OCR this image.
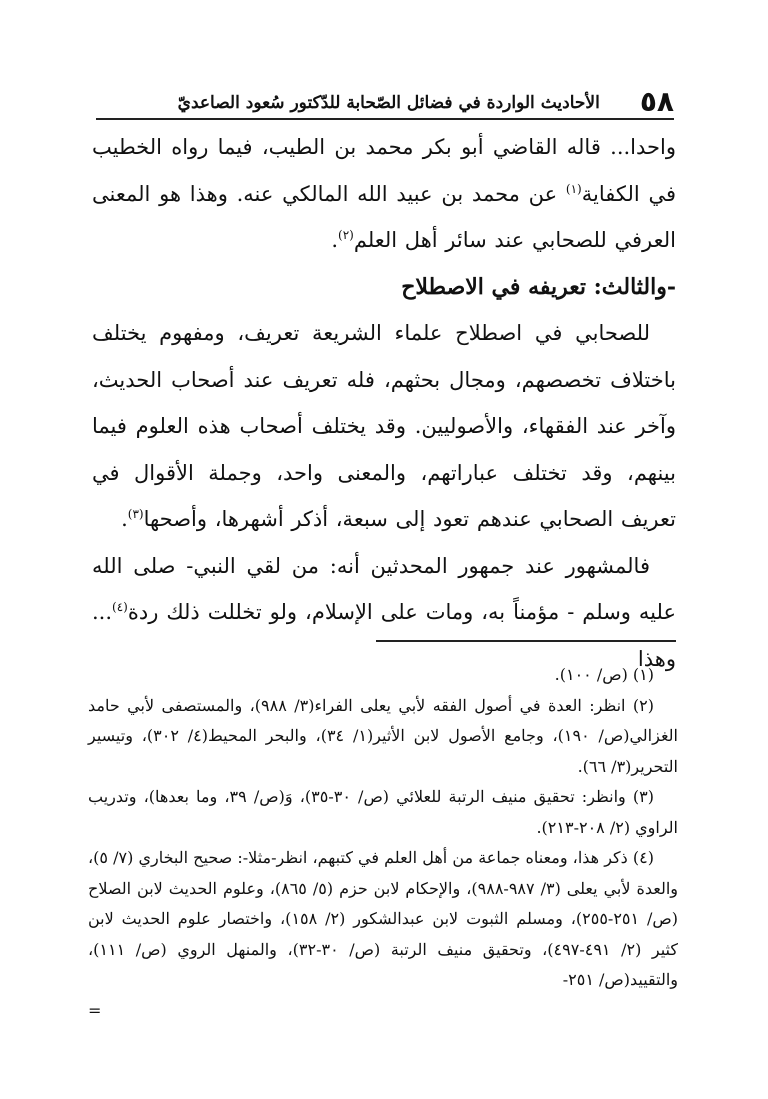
٥٨
الأحاديث الواردة في فضائل الصّحابة للدّكتور سُعود الصاعديّ

واحدا... قاله القاضي أبو بكر محمد بن الطيب، فيما رواه الخطيب في الكفاية$^{(١)}$ عن محمد بن عبيد الله المالكي عنه. وهذا هو المعنى العرفي للصحابي عند سائر أهل العلم$^{(٢)}$.

-والثالث: تعريفه في الاصطلاح

للصحابي في اصطلاح علماء الشريعة تعريف، ومفهوم يختلف باختلاف تخصصهم، ومجال بحثهم، فله تعريف عند أصحاب الحديث، وآخر عند الفقهاء، والأصوليين. وقد يختلف أصحاب هذه العلوم فيما بينهم، وقد تختلف عباراتهم، والمعنى واحد، وجملة الأقوال في تعريف الصحابي عندهم تعود إلى سبعة، أذكر أشهرها، وأصحها$^{(٣)}$.

فالمشهور عند جمهور المحدثين أنه: من لقي النبي- صلى الله عليه وسلم - مؤمناً به، ومات على الإسلام، ولو تخللت ذلك ردة$^{(٤)}$... وهذا

(١) (ص/ ١٠٠).

(٢) انظر: العدة في أصول الفقه لأبي يعلى الفراء(٣/ ٩٨٨)، والمستصفى لأبي حامد الغزالي(ص/ ١٩٠)، وجامع الأصول لابن الأثير(١/ ٣٤)، والبحر المحيط(٤/ ٣٠٢)، وتيسير التحرير(٣/ ٦٦).

(٣) وانظر: تحقيق منيف الرتبة للعلائي (ص/ ٣٠-٣٥)، وَ(ص/ ٣٩، وما بعدها)، وتدريب الراوي (٢/ ٢٠٨-٢١٣).

(٤) ذكر هذا، ومعناه جماعة من أهل العلم في كتبهم، انظر-مثلا-: صحيح البخاري (٧/ ٥)، والعدة لأبي يعلى (٣/ ٩٨٧-٩٨٨)، والإحكام لابن حزم (٥/ ٨٦٥)، وعلوم الحديث لابن الصلاح (ص/ ٢٥١-٢٥٥)، ومسلم الثبوت لابن عبدالشكور (٢/ ١٥٨)، واختصار علوم الحديث لابن كثير (٢/ ٤٩١-٤٩٧)، وتحقيق منيف الرتبة (ص/ ٣٠-٣٢)، والمنهل الروي (ص/ ١١١)، والتقييد(ص/ ٢٥١-

=
